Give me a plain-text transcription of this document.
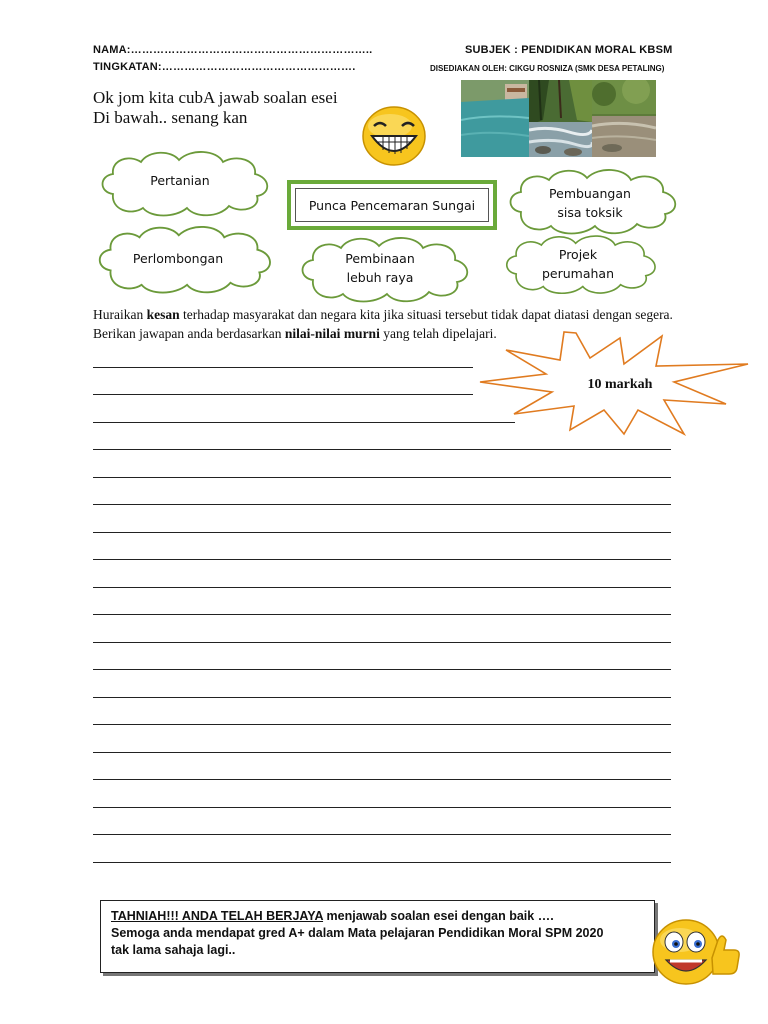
NAMA:………………………………………………………..
TINGKATAN:…………………………………………….
SUBJEK : PENDIDIKAN MORAL KBSM
DISEDIAKAN OLEH: CIKGU ROSNIZA (SMK DESA PETALING)
Ok jom kita cubA jawab soalan esei
Di bawah.. senang kan
Pertanian
Pembuangan
sisa toksik
Perlombongan	Pembinaan
lebuh raya
Projek
perumahan
Punca Pencemaran Sungai
Huraikan kesan terhadap masyarakat dan negara kita jika situasi tersebut tidak dapat diatasi dengan segera. Berikan jawapan anda berdasarkan nilai-nilai murni yang telah dipelajari.
10 markah
TAHNIAH!!! ANDA TELAH BERJAYA menjawab soalan esei dengan baik ….
Semoga anda mendapat gred A+ dalam Mata pelajaran Pendidikan Moral SPM 2020
tak lama sahaja lagi..
